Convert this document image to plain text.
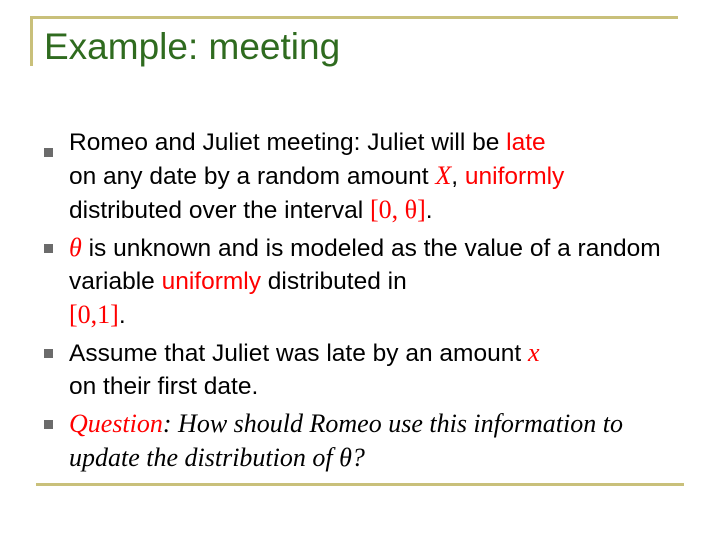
Example: meeting
Romeo and Juliet meeting: Juliet will be late
on any date by a random amount X, uniformly
distributed over the interval [0, θ].
θ is unknown and is modeled as the value of a random variable uniformly distributed in
[0,1].
Assume that Juliet was late by an amount x
on their first date.
Question: How should Romeo use this information to update the distribution of θ?
